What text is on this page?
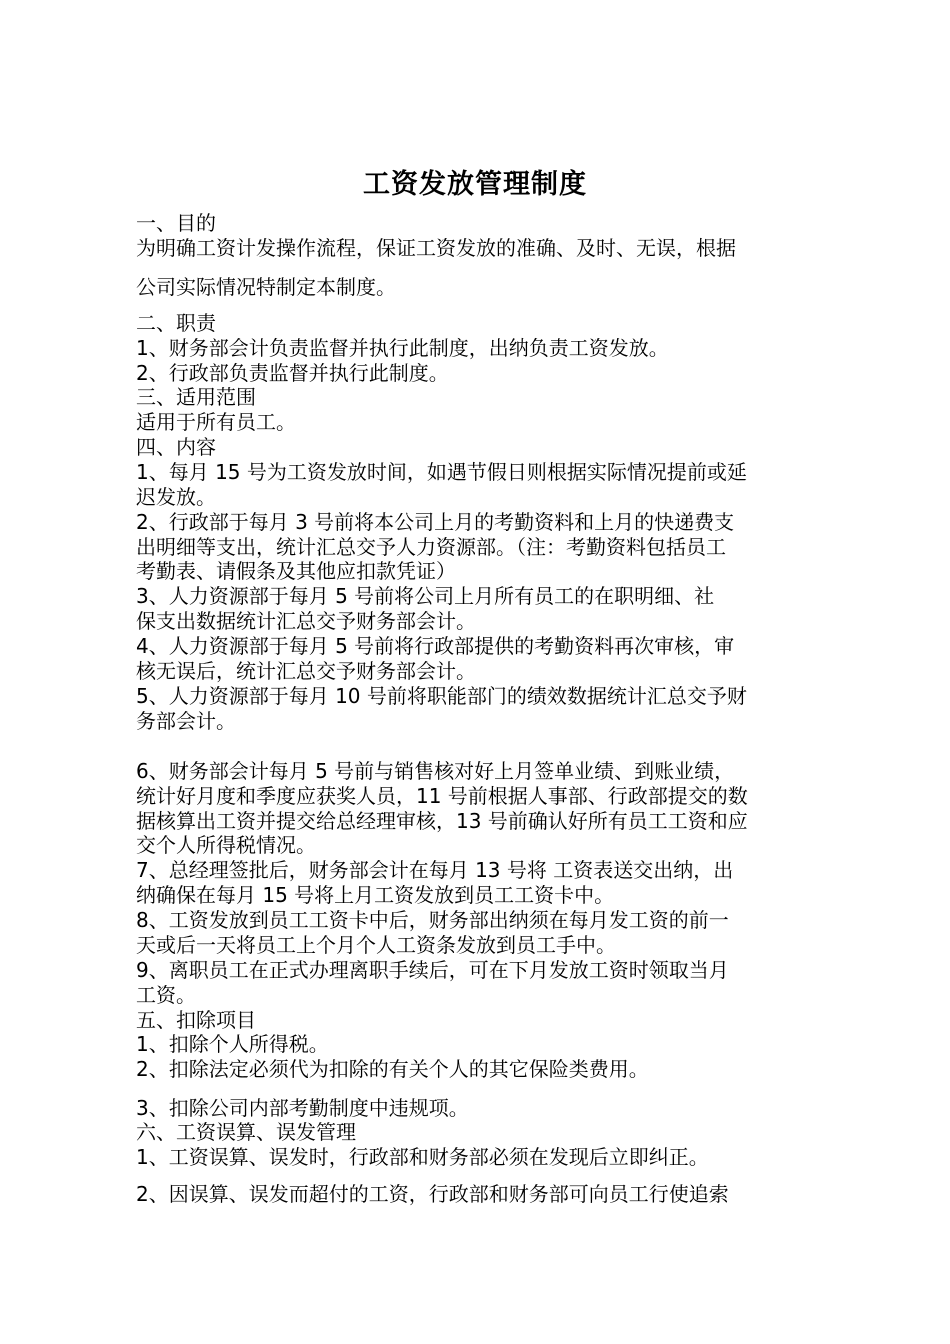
工资发放管理制度
一、目的
为明确工资计发操作流程，保证工资发放的准确、及时、无误，根据
公司实际情况特制定本制度。
二、职责
1、财务部会计负责监督并执行此制度，出纳负责工资发放。
2、行政部负责监督并执行此制度。
三、适用范围
适用于所有员工。
四、内容
1、每月 15 号为工资发放时间，如遇节假日则根据实际情况提前或延
迟发放。
2、行政部于每月 3 号前将本公司上月的考勤资料和上月的快递费支
出明细等支出，统计汇总交予人力资源部。（注：考勤资料包括员工
考勤表、请假条及其他应扣款凭证）
3、人力资源部于每月 5 号前将公司上月所有员工的在职明细、社
保支出数据统计汇总交予财务部会计。
4、人力资源部于每月 5 号前将行政部提供的考勤资料再次审核，审
核无误后，统计汇总交予财务部会计。
5、人力资源部于每月 10 号前将职能部门的绩效数据统计汇总交予财
务部会计。
6、财务部会计每月 5 号前与销售核对好上月签单业绩、到账业绩，
统计好月度和季度应获奖人员，11 号前根据人事部、行政部提交的数
据核算出工资并提交给总经理审核，13 号前确认好所有员工工资和应
交个人所得税情况。
7、总经理签批后，财务部会计在每月 13 号将 工资表送交出纳，出
纳确保在每月 15 号将上月工资发放到员工工资卡中。
8、工资发放到员工工资卡中后，财务部出纳须在每月发工资的前一
天或后一天将员工上个月个人工资条发放到员工手中。
9、离职员工在正式办理离职手续后，可在下月发放工资时领取当月
工资。
五、扣除项目
1、扣除个人所得税。
2、扣除法定必须代为扣除的有关个人的其它保险类费用。
3、扣除公司内部考勤制度中违规项。
六、工资误算、误发管理
1、工资误算、误发时，行政部和财务部必须在发现后立即纠正。
2、因误算、误发而超付的工资，行政部和财务部可向员工行使追索
